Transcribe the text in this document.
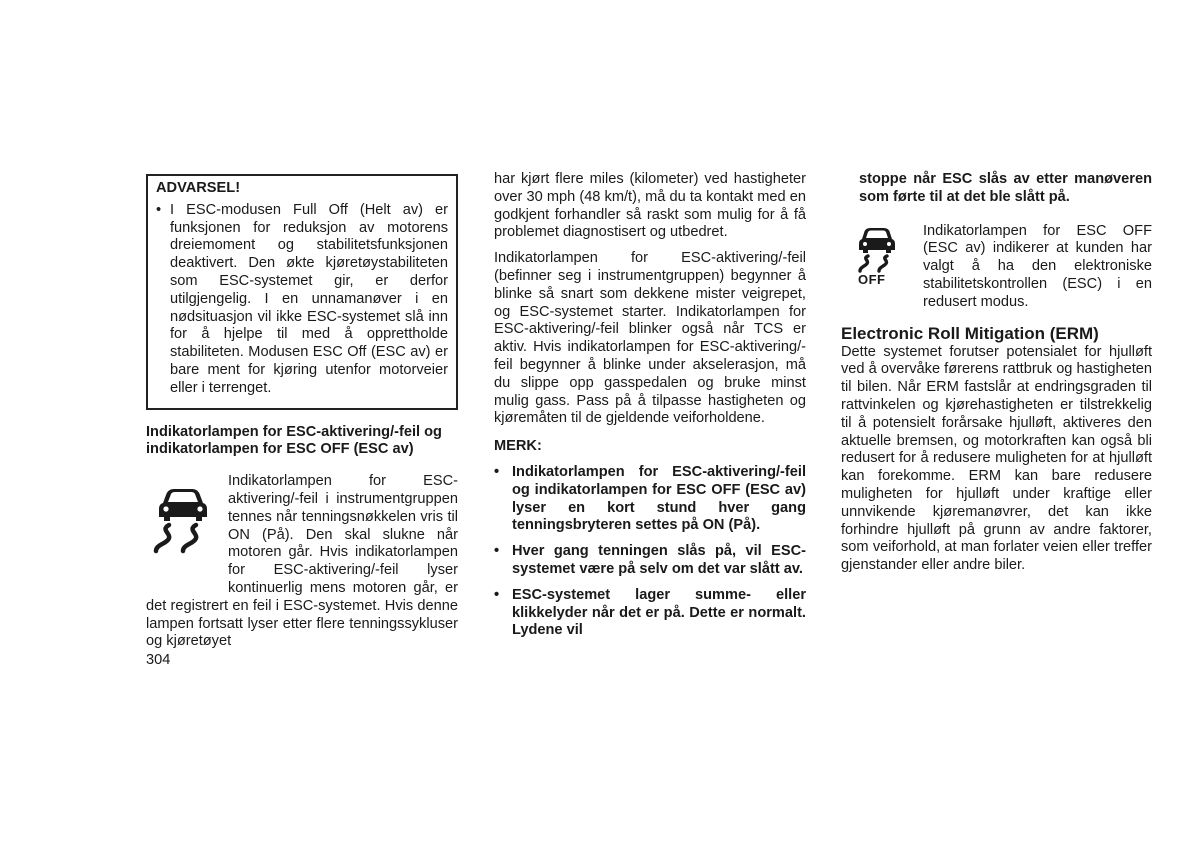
ADVARSEL!
• I ESC-modusen Full Off (Helt av) er funksjonen for reduksjon av motorens dreiemoment og stabilitetsfunksjonen deaktivert. Den økte kjøretøystabiliteten som ESC-systemet gir, er derfor utilgjengelig. I en unnamanøver i en nødsituasjon vil ikke ESC-systemet slå inn for å hjelpe til med å opprettholde stabiliteten. Modusen ESC Off (ESC av) er bare ment for kjøring utenfor motorveier eller i terrenget.
Indikatorlampen for ESC-aktivering/-feil og indikatorlampen for ESC OFF (ESC av)

Indikatorlampen for ESC-aktivering/-feil i instrumentgruppen tennes når tenningsnøkkelen vris til ON (På). Den skal slukne når motoren går. Hvis indikatorlampen for ESC-aktivering/-feil lyser kontinuerlig mens motoren går, er det registrert en feil i ESC-systemet. Hvis denne lampen fortsatt lyser etter flere tenningssykluser og kjøretøyet

har kjørt flere miles (kilometer) ved hastigheter over 30 mph (48 km/t), må du ta kontakt med en godkjent forhandler så raskt som mulig for å få problemet diagnostisert og utbedret.

Indikatorlampen for ESC-aktivering/-feil (befinner seg i instrumentgruppen) begynner å blinke så snart som dekkene mister veigrepet, og ESC-systemet starter. Indikatorlampen for ESC-aktivering/-feil blinker også når TCS er aktiv. Hvis indikatorlampen for ESC-aktivering/-feil begynner å blinke under akselerasjon, må du slippe opp gasspedalen og bruke minst mulig gass. Pass på å tilpasse hastigheten og kjøremåten til de gjeldende veiforholdene.

MERK:
• Indikatorlampen for ESC-aktivering/-feil og indikatorlampen for ESC OFF (ESC av) lyser en kort stund hver gang tenningsbryteren settes på ON (På).
• Hver gang tenningen slås på, vil ESC-systemet være på selv om det var slått av.
• ESC-systemet lager summe- eller klikkelyder når det er på. Dette er normalt. Lydene vil

stoppe når ESC slås av etter manøveren som førte til at det ble slått på.

OFF

Indikatorlampen for ESC OFF (ESC av) indikerer at kunden har valgt å ha den elektroniske stabilitetskontrollen (ESC) i en redusert modus.

Electronic Roll Mitigation (ERM)

Dette systemet forutser potensialet for hjulløft ved å overvåke førerens rattbruk og hastigheten til bilen. Når ERM fastslår at endringsgraden til rattvinkelen og kjørehastigheten er tilstrekkelig til å potensielt forårsake hjulløft, aktiveres den aktuelle bremsen, og motorkraften kan også bli redusert for å redusere muligheten for at hjulløft kan forekomme. ERM kan bare redusere muligheten for hjulløft under kraftige eller unnvikende kjøremanøvrer, det kan ikke forhindre hjulløft på grunn av andre faktorer, som veiforhold, at man forlater veien eller treffer gjenstander eller andre biler.

304
